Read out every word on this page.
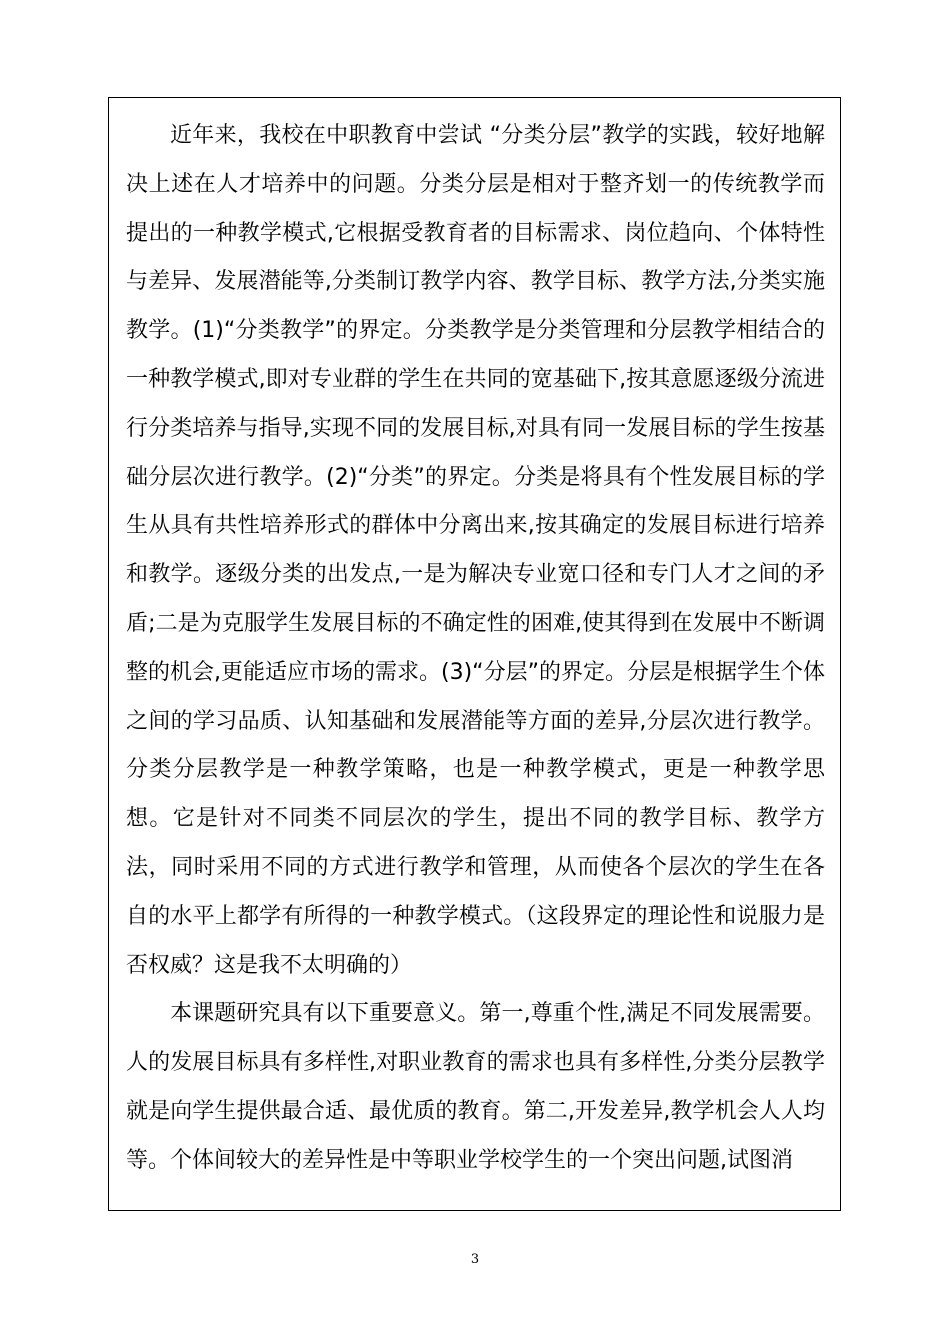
近年来，我校在中职教育中尝试 “分类分层”教学的实践，较好地解决上述在人才培养中的问题。分类分层是相对于整齐划一的传统教学而提出的一种教学模式,它根据受教育者的目标需求、岗位趋向、个体特性与差异、发展潜能等,分类制订教学内容、教学目标、教学方法,分类实施教学。(1)“分类教学”的界定。分类教学是分类管理和分层教学相结合的一种教学模式,即对专业群的学生在共同的宽基础下,按其意愿逐级分流进行分类培养与指导,实现不同的发展目标,对具有同一发展目标的学生按基础分层次进行教学。(2)“分类”的界定。分类是将具有个性发展目标的学生从具有共性培养形式的群体中分离出来,按其确定的发展目标进行培养和教学。逐级分类的出发点,一是为解决专业宽口径和专门人才之间的矛盾;二是为克服学生发展目标的不确定性的困难,使其得到在发展中不断调整的机会,更能适应市场的需求。(3)“分层”的界定。分层是根据学生个体之间的学习品质、认知基础和发展潜能等方面的差异,分层次进行教学。分类分层教学是一种教学策略，也是一种教学模式，更是一种教学思想。它是针对不同类不同层次的学生，提出不同的教学目标、教学方法，同时采用不同的方式进行教学和管理，从而使各个层次的学生在各自的水平上都学有所得的一种教学模式。（这段界定的理论性和说服力是否权威？这是我不太明确的）

本课题研究具有以下重要意义。第一,尊重个性,满足不同发展需要。人的发展目标具有多样性,对职业教育的需求也具有多样性,分类分层教学就是向学生提供最合适、最优质的教育。第二,开发差异,教学机会人人均等。个体间较大的差异性是中等职业学校学生的一个突出问题,试图消

3
